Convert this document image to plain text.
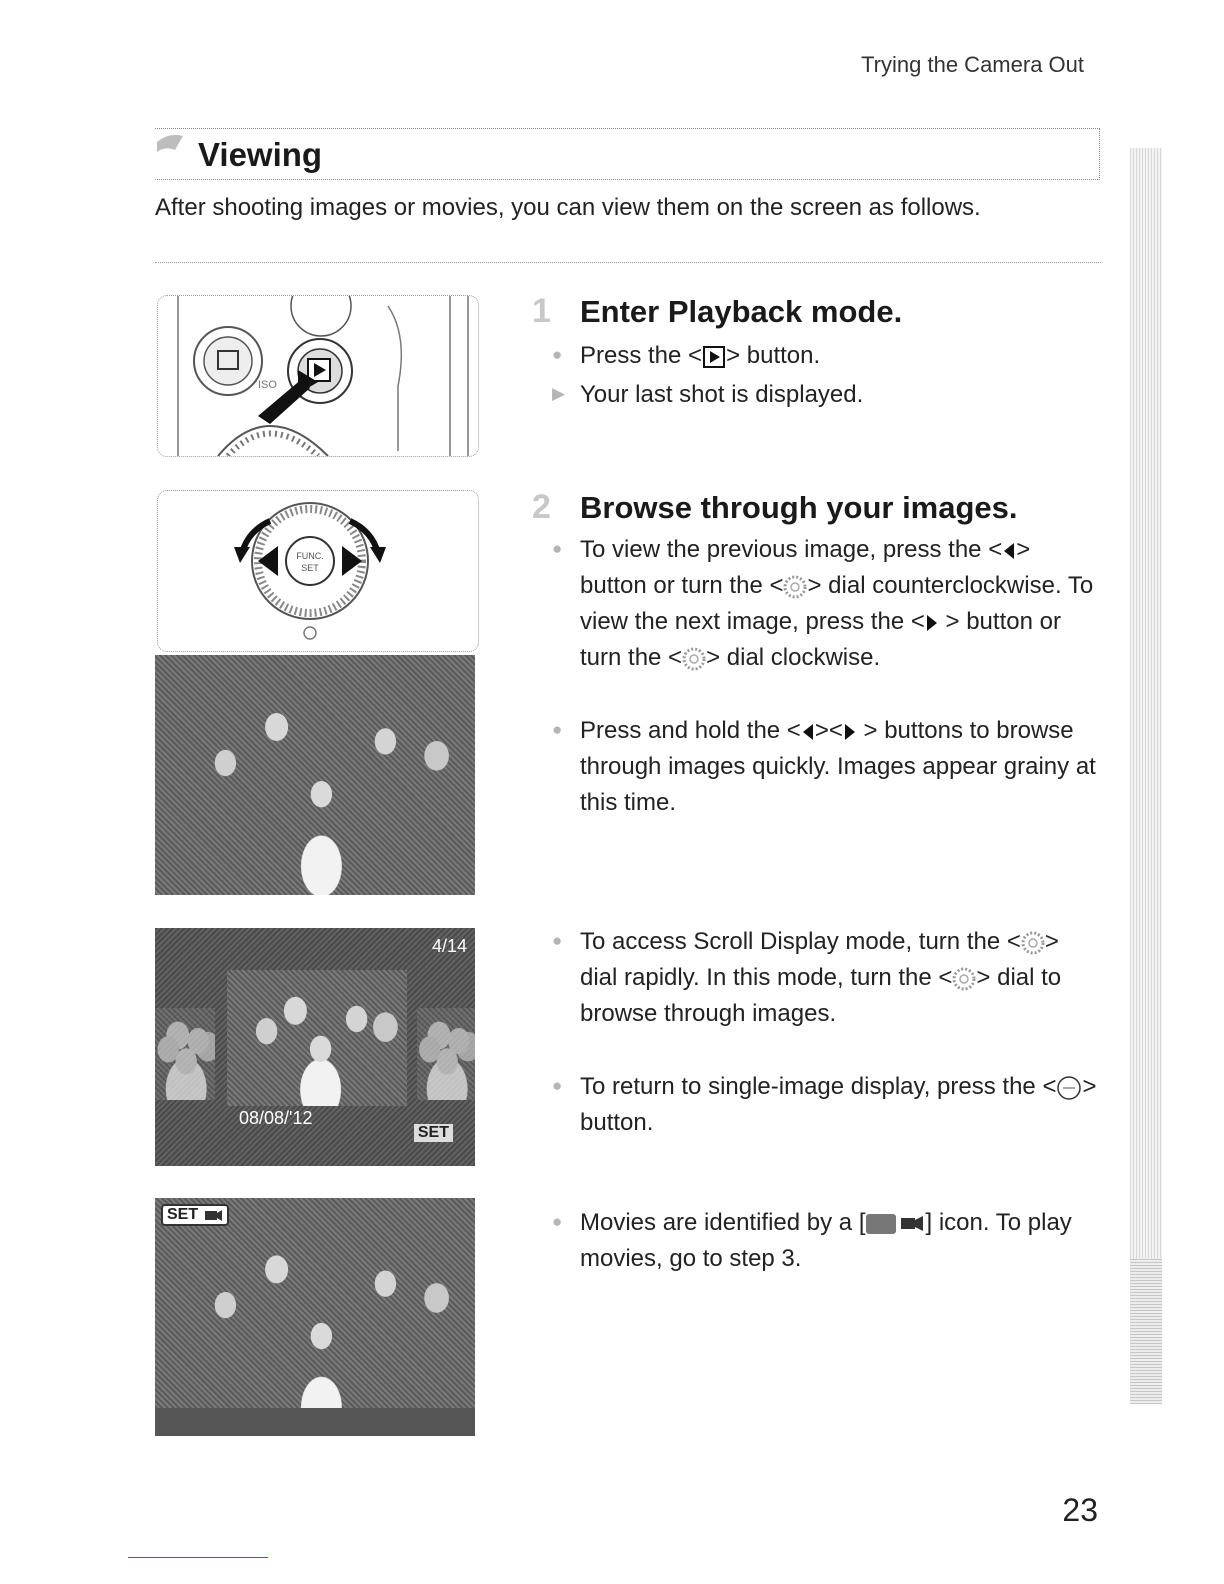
Trying the Camera Out
Viewing
After shooting images or movies, you can view them on the screen as follows.
ISO
FUNC.
SET
4/14
08/08/'12
SET
SET
1 Enter Playback mode.
● Press the < > button.
▶ Your last shot is displayed.
2 Browse through your images.
● To view the previous image, press the < > button or turn the < > dial counterclockwise. To view the next image, press the < > button or turn the < > dial clockwise.
● Press and hold the < >< > buttons to browse through images quickly. Images appear grainy at this time.
● To access Scroll Display mode, turn the < > dial rapidly. In this mode, turn the < > dial to browse through images.
● To return to single-image display, press the < > button.
● Movies are identified by a [	] icon. To play movies, go to step 3.
23
